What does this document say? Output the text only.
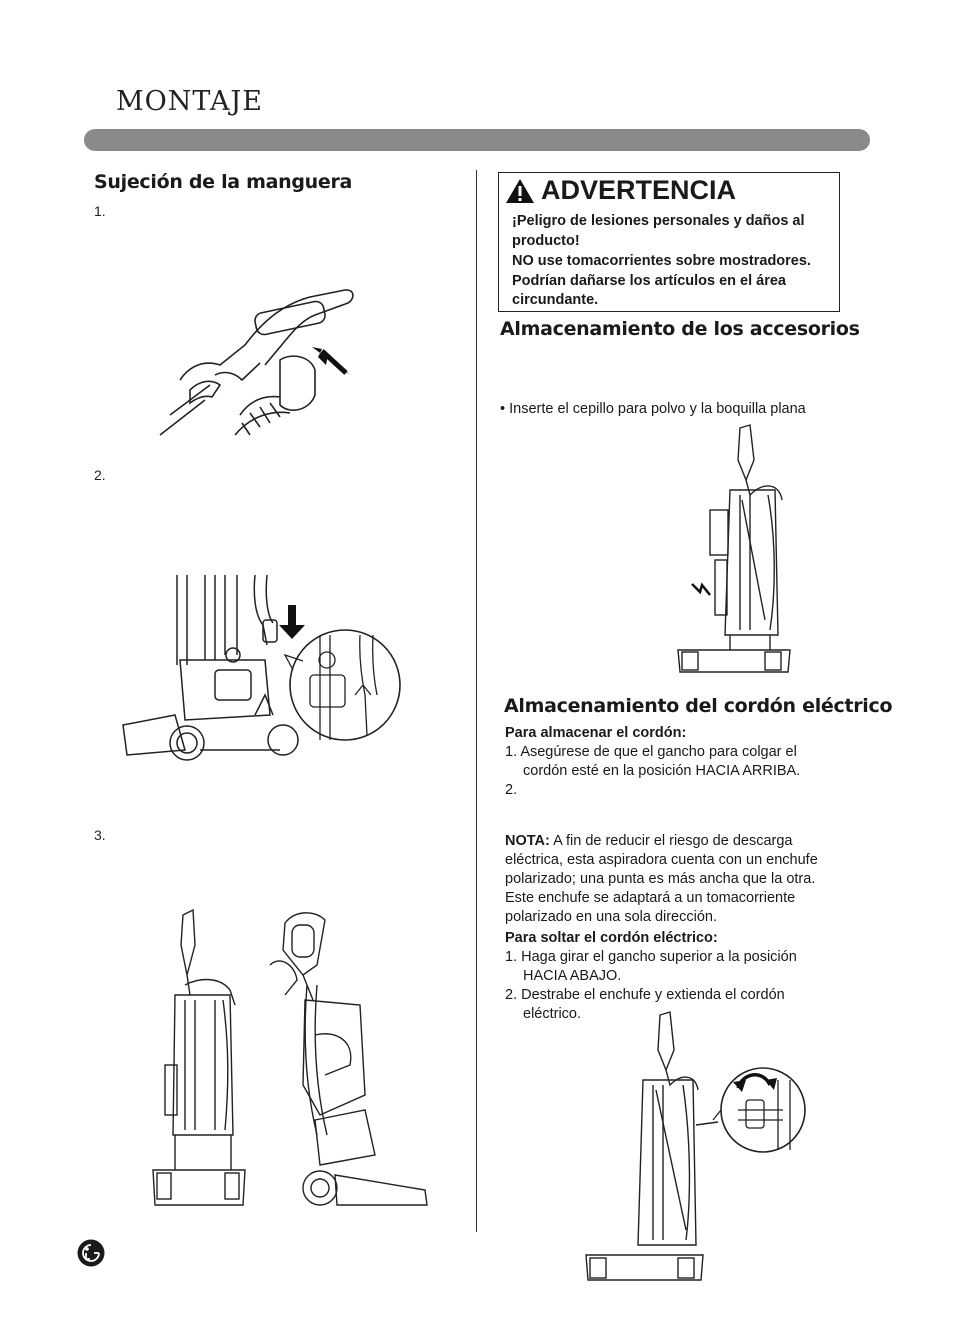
MONTAJE
Sujeción de la manguera
1.
2.
3.
ADVERTENCIA
¡Peligro de lesiones personales y daños al
producto!
NO use tomacorrientes sobre mostradores.
Podrían dañarse los artículos en el área
circundante.
Almacenamiento de los accesorios
• Inserte el cepillo para polvo y la boquilla plana
Almacenamiento del cordón eléctrico
Para almacenar el cordón:
1. Asegúrese de que el gancho para colgar el
cordón esté en la posición HACIA ARRIBA.
2.
NOTA: A fin de reducir el riesgo de descarga
eléctrica, esta aspiradora cuenta con un enchufe
polarizado; una punta es más ancha que la otra.
Este enchufe se adaptará a un tomacorriente
polarizado en una sola dirección.
Para soltar el cordón eléctrico:
1. Haga girar el gancho superior a la posición
HACIA ABAJO.
2. Destrabe el enchufe y extienda el cordón
eléctrico.
